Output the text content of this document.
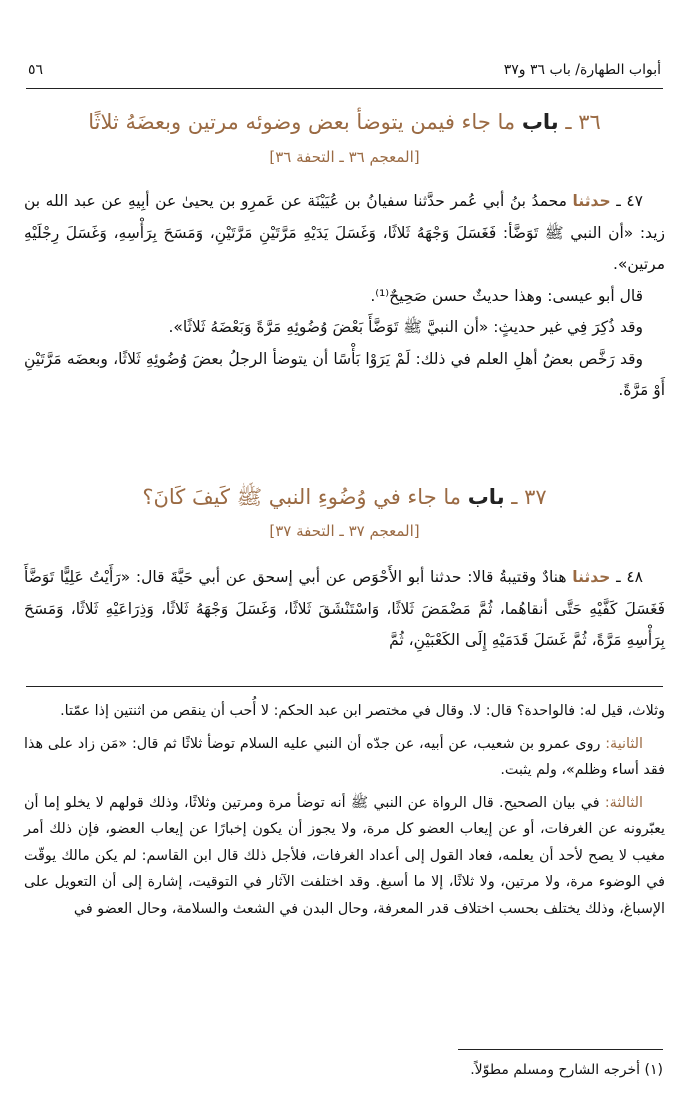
أبواب الطهارة/ باب ٣٦ و٣٧
٥٦
٣٦ ـ باب ما جاء فيمن يتوضأ بعض وضوئه مرتين وبعضَهُ ثلاثًا
[المعجم ٣٦ ـ التحفة ٣٦]

٤٧ ـ حدثنا محمدُ بنُ أبي عُمر حدَّثنا سفيانُ بن عُيَيْنَة عن عَمرِو بن يحيىٰ عن أبِيهِ عن عبد الله بن زيد: «أن النبي ﷺ تَوَضَّأ: فَغَسَلَ وَجْهَهُ ثَلاثًا، وَغَسَلَ يَدَيْهِ مَرَّتَيْنِ مَرَّتَيْنِ، وَمَسَحَ بِرَأْسِهِ، وَغَسَلَ رِجْلَيْهِ مرتين».

قال أبو عيسى: وهذا حديثٌ حسن صَحِيحٌ⁽¹⁾.

وقد ذُكِرَ فِي غير حديثٍ: «أن النبيَّ ﷺ تَوَضَّأَ بَعْضَ وُضُوئِهِ مَرَّةً وَبَعْضَهُ ثَلاثًا».

وقد رَخَّص بعضُ أهلِ العلم في ذلك: لَمْ يَرَوْا بَأْسًا أن يتوضأ الرجلُ بعضَ وُضُوئِهِ ثَلاثًا، وبعضَه مَرَّتَيْنِ أَوْ مَرَّةً.

٣٧ ـ باب ما جاء في وُضُوءِ النبي ﷺ كَيفَ كَانَ؟
[المعجم ٣٧ ـ التحفة ٣٧]

٤٨ ـ حدثنا هنادٌ وقتيبةُ قالا: حدثنا أبو الأَحْوَص عن أبي إسحق عن أبي حَيَّةَ قال: «رَأَيْتُ عَلِيًّا تَوَضَّأَ فَغَسَلَ كَفَّيْهِ حَتَّى أنقاهُما، ثُمَّ مَضْمَضَ ثَلاثًا، وَاسْتَنْشَقَ ثَلاثًا، وَغَسَلَ وَجْهَهُ ثَلاثًا، وَذِرَاعَيْهِ ثَلاثًا، وَمَسَحَ بِرَأْسِهِ مَرَّةً، ثُمَّ غَسَلَ قَدَمَيْهِ إِلَى الكَعْبَيْنِ، ثُمَّ

وثلاث، قيل له: فالواحدة؟ قال: لا. وقال في مختصر ابن عبد الحكم: لا أُحب أن ينقص من اثنتين إذا عمّتا.

الثانية: روى عمرو بن شعيب، عن أبيه، عن جدّه أن النبي عليه السلام توضأ ثلاثًا ثم قال: «مَن زاد على هذا فقد أساء وظلم»، ولم يثبت.

الثالثة: في بيان الصحيح. قال الرواة عن النبي ﷺ أنه توضأ مرة ومرتين وثلاثًا، وذلك قولهم لا يخلو إما أن يعبّرونه عن الغرفات، أو عن إيعاب العضو كل مرة، ولا يجوز أن يكون إخبارًا عن إيعاب العضو، فإن ذلك أمر مغيب لا يصح لأحد أن يعلمه، فعاد القول إلى أعداد الغرفات، فلأجل ذلك قال ابن القاسم: لم يكن مالك يوقّت في الوضوء مرة، ولا مرتين، ولا ثلاثًا، إلا ما أسبغ. وقد اختلفت الآثار في التوقيت، إشارة إلى أن التعويل على الإسباغ، وذلك يختلف بحسب اختلاف قدر المعرفة، وحال البدن في الشعث والسلامة، وحال العضو في

(١) أخرجه الشارح ومسلم مطوّلاً.
